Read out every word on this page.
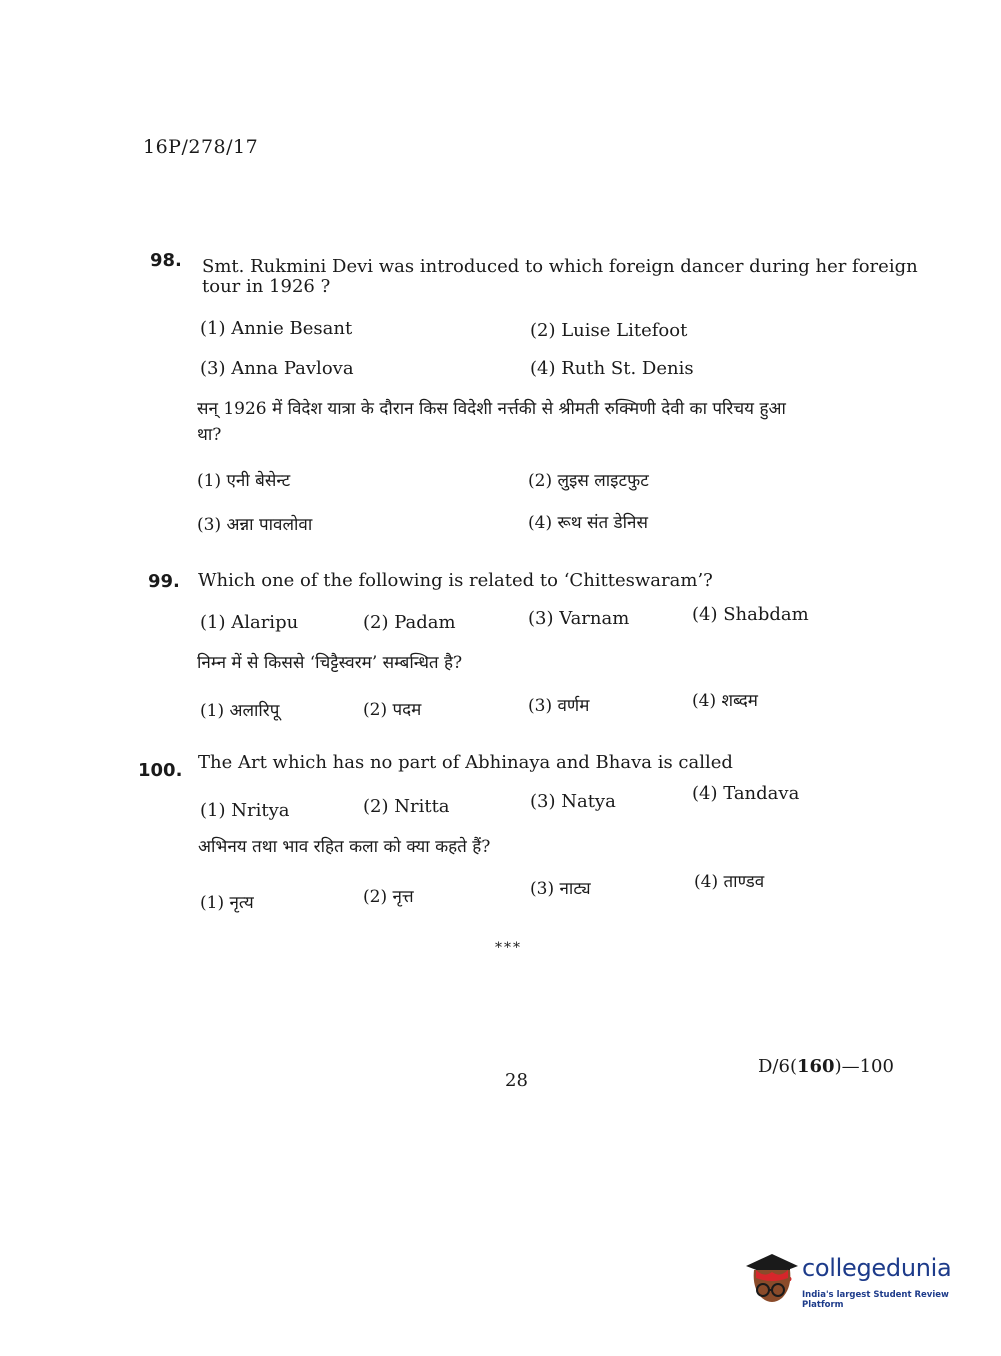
16P/278/17
98. Smt. Rukmini Devi was introduced to which foreign dancer during her foreign
tour in 1926 ?
(1) Annie Besant	(2) Luise Litefoot
(3) Anna Pavlova	(4) Ruth St. Denis
सन् 1926 में विदेश यात्रा के दौरान किस विदेशी नर्त्तकी से श्रीमती रुक्मिणी देवी का परिचय हुआ
था?
(1) एनी बेसेन्ट	(2) लुइस लाइटफुट
(3) अन्ना पावलोवा	(4) रूथ संत डेनिस
99. Which one of the following is related to ‘Chitteswaram’?
(1) Alaripu	(2) Padam	(3) Varnam	(4) Shabdam
निम्न में से किससे ‘चिट्टैस्वरम’ सम्बन्धित है?
(1) अलारिपू	(2) पदम	(3) वर्णम	(4) शब्दम
100. The Art which has no part of Abhinaya and Bhava is called
(1) Nritya	(2) Nritta	(3) Natya	(4) Tandava
अभिनय तथा भाव रहित कला को क्या कहते हैं?
(1) नृत्य	(2) नृत्त	(3) नाट्य	(4) ताण्डव
***
28
D/6(160)—100
collegedunia
India's largest Student Review Platform
